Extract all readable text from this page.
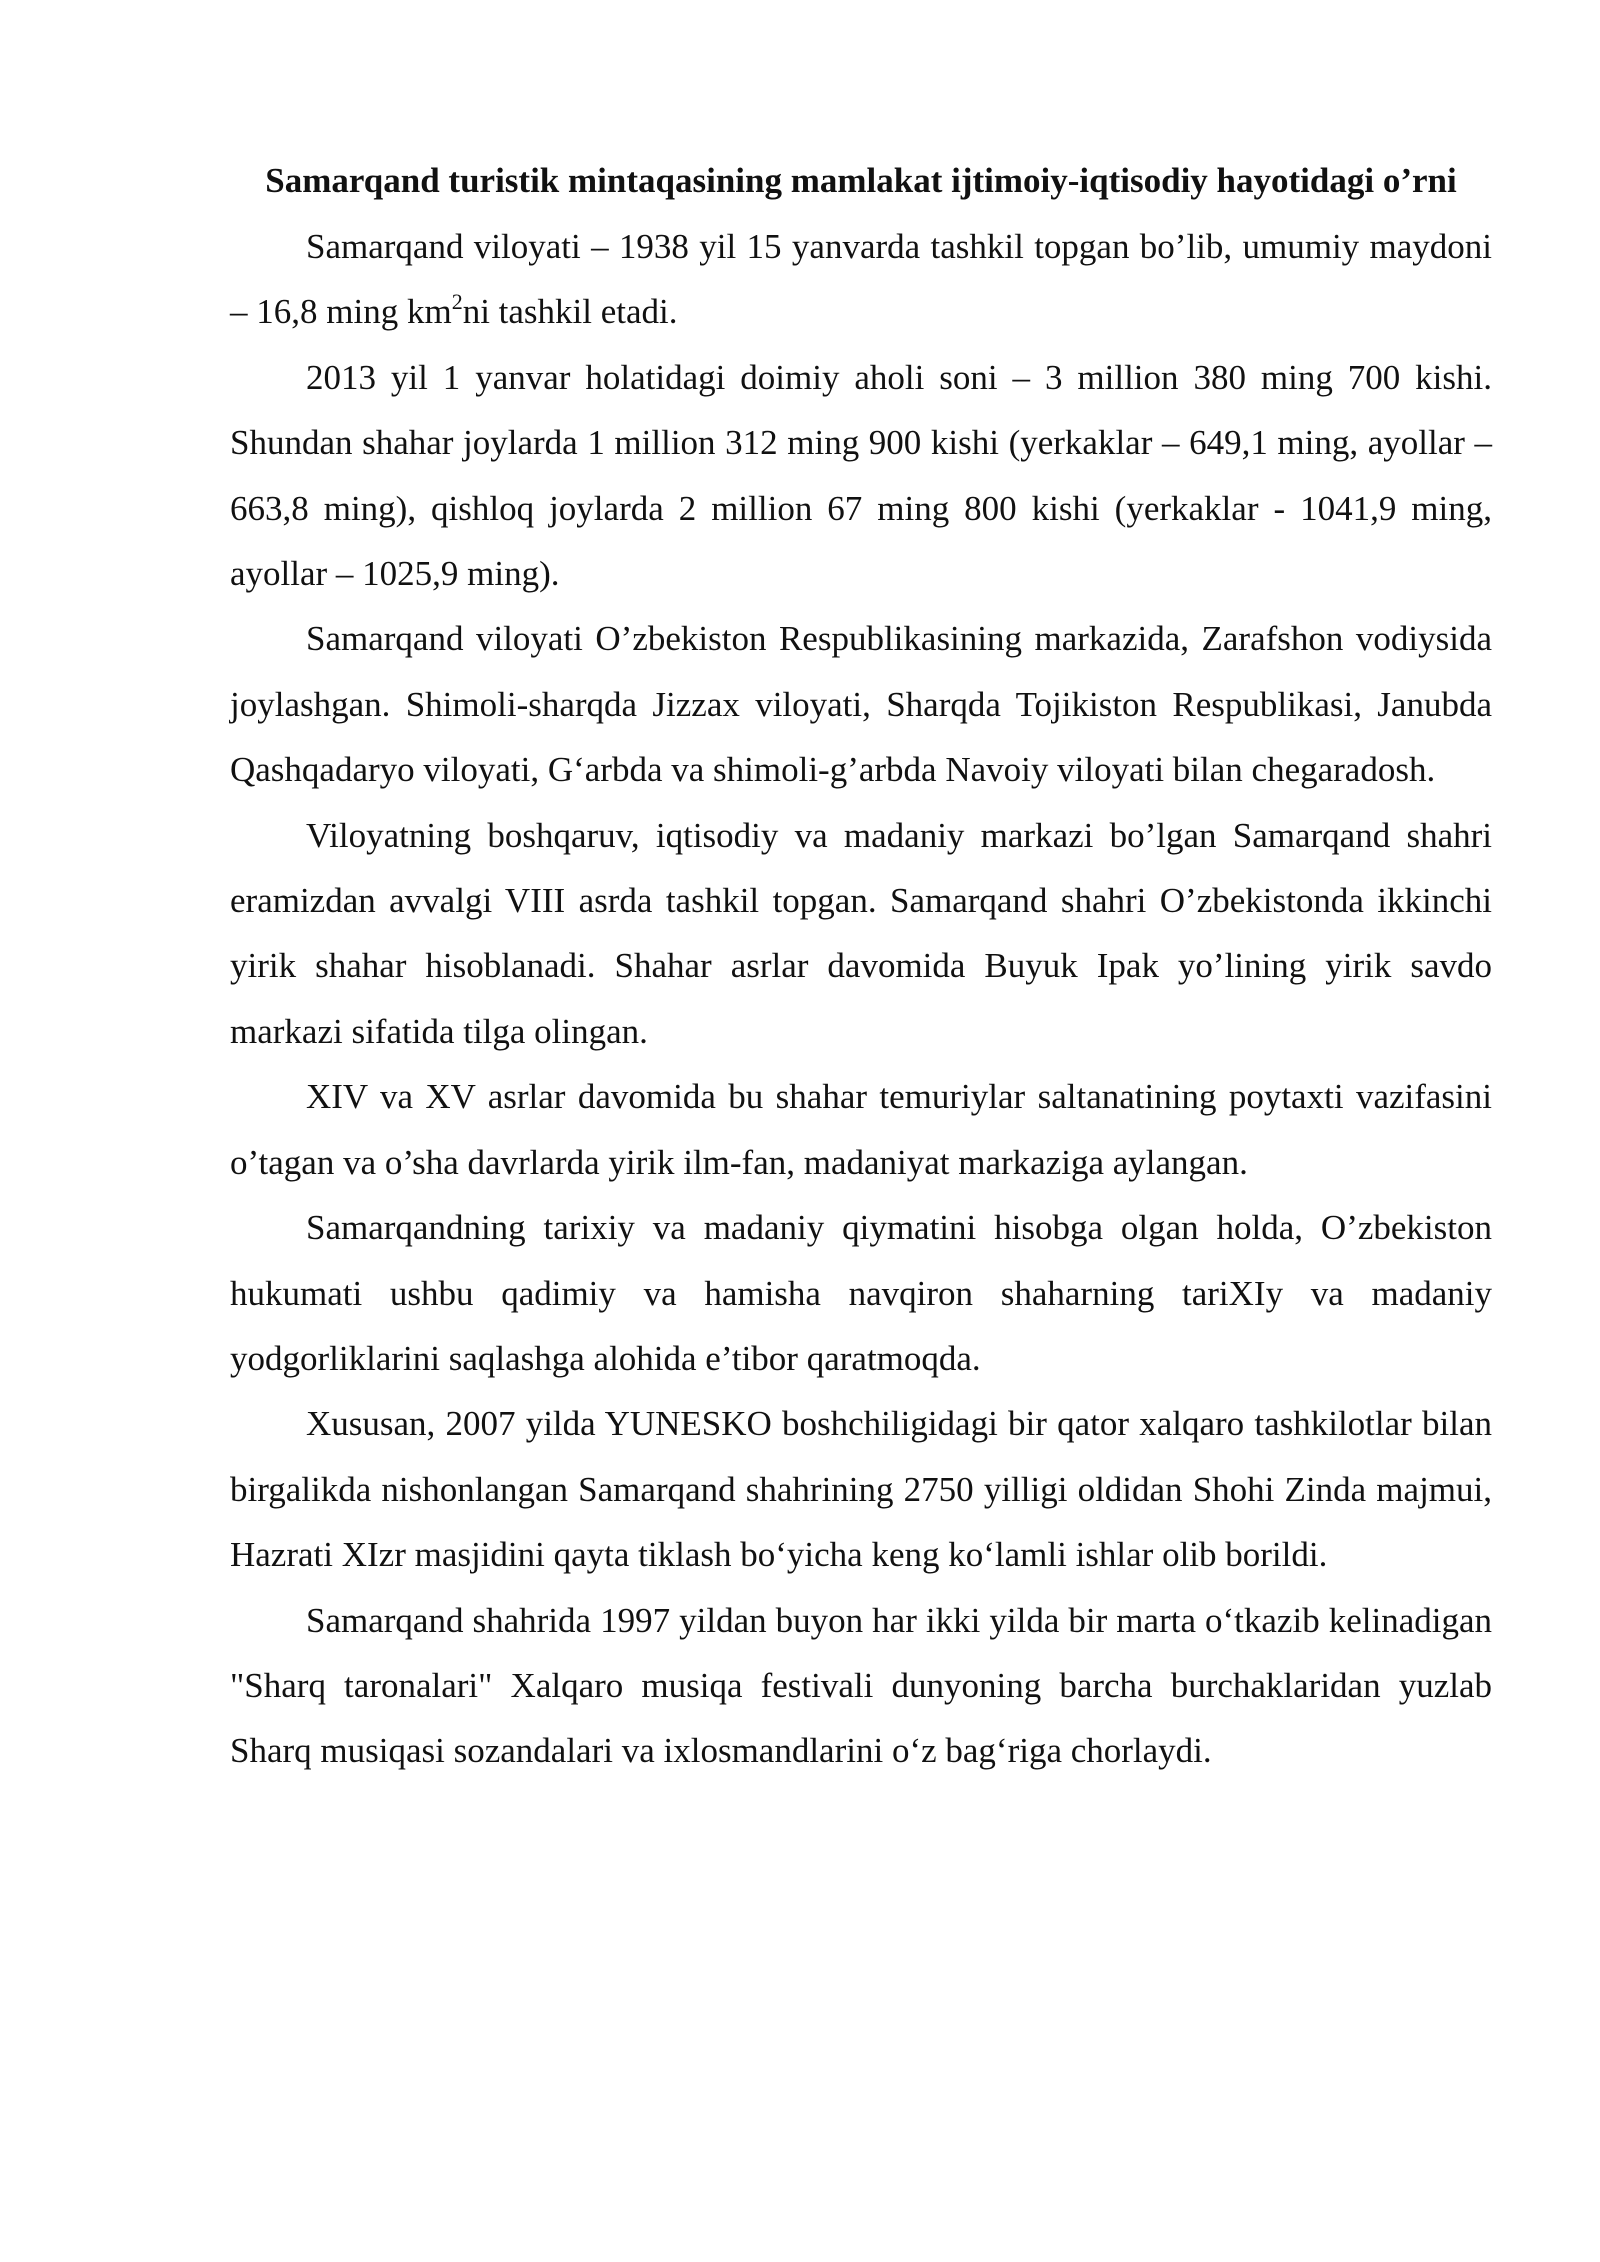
Samarqand turistik mintaqasining mamlakat ijtimoiy-iqtisodiy hayotidagi o’rni

Samarqand viloyati – 1938 yil 15 yanvarda tashkil topgan bo’lib, umumiy maydoni – 16,8 ming $km^2ni$ tashkil etadi.

2013 yil 1 yanvar holatidagi doimiy aholi soni – 3 million 380 ming 700 kishi. Shundan shahar joylarda 1 million 312 ming 900 kishi (yerkaklar – 649,1 ming, ayollar – 663,8 ming), qishloq joylarda 2 million 67 ming 800 kishi (yerkaklar - 1041,9 ming, ayollar – 1025,9 ming).

Samarqand viloyati O’zbekiston Respublikasining markazida, Zarafshon vodiysida joylashgan. Shimoli-sharqda Jizzax viloyati, Sharqda Tojikiston Respublikasi, Janubda Qashqadaryo viloyati, G‘arbda va shimoli-g’arbda Navoiy viloyati bilan chegaradosh.

Viloyatning boshqaruv, iqtisodiy va madaniy markazi bo’lgan Samarqand shahri eramizdan avvalgi VIII asrda tashkil topgan. Samarqand shahri O’zbekistonda ikkinchi yirik shahar hisoblanadi. Shahar asrlar davomida Buyuk Ipak yo’lining yirik savdo markazi sifatida tilga olingan.

XIV va XV asrlar davomida bu shahar temuriylar saltanatining poytaxti vazifasini o’tagan va o’sha davrlarda yirik ilm-fan, madaniyat markaziga aylangan.

Samarqandning tarixiy va madaniy qiymatini hisobga olgan holda, O’zbekiston hukumati ushbu qadimiy va hamisha navqiron shaharning tariXIy va madaniy yodgorliklarini saqlashga alohida e’tibor qaratmoqda.

Xususan, 2007 yilda YUNESKO boshchiligidagi bir qator xalqaro tashkilotlar bilan birgalikda nishonlangan Samarqand shahrining 2750 yilligi oldidan Shohi Zinda majmui, Hazrati XIzr masjidini qayta tiklash bo‘yicha keng ko‘lamli ishlar olib borildi.

Samarqand shahrida 1997 yildan buyon har ikki yilda bir marta o‘tkazib kelinadigan "Sharq taronalari" Xalqaro musiqa festivali dunyoning barcha burchaklaridan yuzlab Sharq musiqasi sozandalari va ixlosmandlarini o‘z bag‘riga chorlaydi.
